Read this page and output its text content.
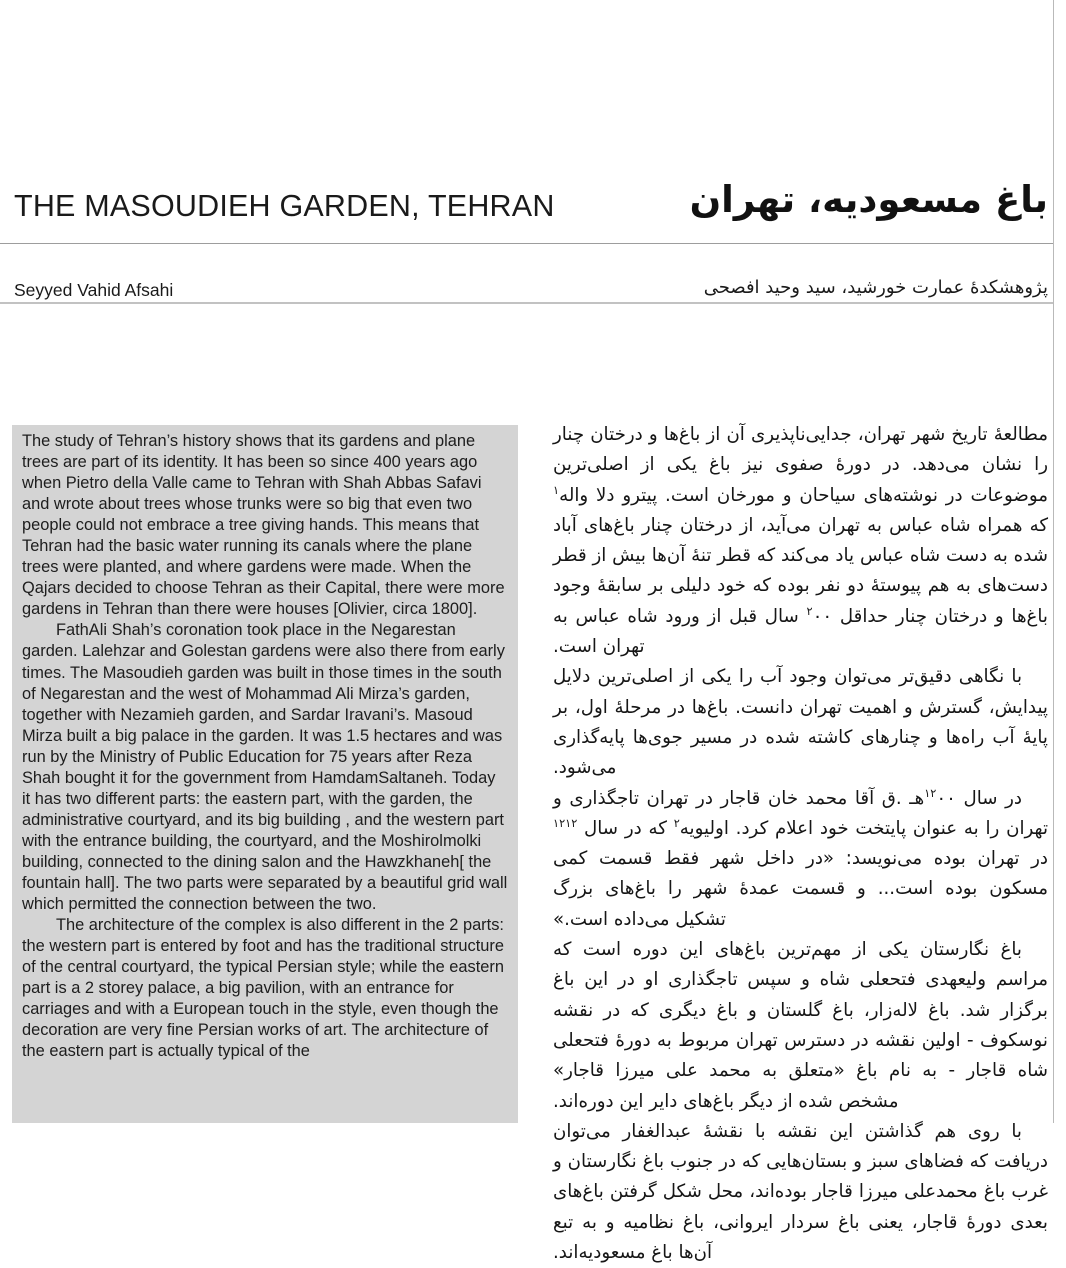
THE MASOUDIEH GARDEN, TEHRAN	باغ مسعودیه، تهران
Seyyed Vahid Afsahi	پژوهشکدهٔ عمارت خورشید، سید وحید افصحی

The study of Tehran’s history shows that its gardens and plane trees are part of its identity. It has been so since 400 years ago when Pietro della Valle came to Tehran with Shah Abbas Safavi and wrote about trees whose trunks were so big that even two people could not embrace a tree giving hands. This means that Tehran had the basic water running its canals where the plane trees were planted, and where gardens were made. When the Qajars decided to choose Tehran as their Capital, there were more gardens in Tehran than there were houses [Olivier, circa 1800].

FathAli Shah’s coronation took place in the Negarestan garden. Lalehzar and Golestan gardens were also there from early times. The Masoudieh garden was built in those times in the south of Negarestan and the west of Mohammad Ali Mirza’s garden, together with Nezamieh garden, and Sardar Iravani’s. Masoud Mirza built a big palace in the garden. It was 1.5 hectares and was run by the Ministry of Public Education for 75 years after Reza Shah bought it for the government from HamdamSaltaneh. Today it has two different parts: the eastern part, with the garden, the administrative courtyard, and its big building , and the western part with the entrance building, the courtyard, and the Moshirolmolki building, connected to the dining salon and the Hawzkhaneh[ the fountain hall]. The two parts were separated by a beautiful grid wall which permitted the connection between the two.

The architecture of the complex is also different in the 2 parts: the western part is entered by foot and has the traditional structure of the central courtyard, the typical Persian style; while the eastern part is a 2 storey palace, a big pavilion, with an entrance for carriages and with a European touch in the style, even though the decoration are very fine Persian works of art. The architecture of the eastern part is actually typical of the

مطالعهٔ تاریخ شهر تهران، جدایی‌ناپذیری آن از باغ‌ها و درختان چنار را نشان می‌دهد. در دورهٔ صفوی نیز باغ یکی از اصلی‌ترین موضوعات در نوشته‌های سیاحان و مورخان است. پیترو دلا واله$^۱$ که همراه شاه عباس به تهران می‌آید، از درختان چنار باغ‌های آباد شده به دست شاه عباس یاد می‌کند که قطر تنهٔ آن‌ها بیش از قطر دست‌های به هم پیوستهٔ دو نفر بوده که خود دلیلی بر سابقهٔ وجود باغ‌ها و درختان چنار حداقل $^۲$۰۰ سال قبل از ورود شاه عباس به تهران است.

با نگاهی دقیق‌تر می‌توان وجود آب را یکی از اصلی‌ترین دلایل پیدایش، گسترش و اهمیت تهران دانست. باغ‌ها در مرحلهٔ اول، بر پایهٔ آب راه‌ها و چنارهای کاشته شده در مسیر جوی‌ها پایه‌گذاری می‌شود.

در سال $^{۱۲}$۰۰هـ .ق آقا محمد خان قاجار در تهران تاجگذاری و تهران را به عنوان پایتخت خود اعلام کرد. اولیویه$^۲$ که در سال $^{۱۲۱۲}$ در تهران بوده می‌نویسد: «در داخل شهر فقط قسمت کمی مسکون بوده است... و قسمت عمدهٔ شهر را باغ‌های بزرگ تشکیل می‌داده است.»

باغ نگارستان یکی از مهم‌ترین باغ‌های این دوره است که مراسم ولیعهدی فتحعلی شاه و سپس تاجگذاری او در این باغ برگزار شد. باغ لاله‌زار، باغ گلستان و باغ دیگری که در نقشه نوسکوف - اولین نقشه در دسترس تهران مربوط به دورهٔ فتحعلی شاه قاجار - به نام باغ «متعلق به محمد علی میرزا قاجار» مشخص شده از دیگر باغ‌های دایر این دوره‌اند.

با روی هم گذاشتن این نقشه با نقشهٔ عبدالغفار می‌توان دریافت که فضاهای سبز و بستان‌هایی که در جنوب باغ نگارستان و غرب باغ محمدعلی میرزا قاجار بوده‌اند، محل شکل گرفتن باغ‌های بعدی دورهٔ قاجار، یعنی باغ سردار ایروانی، باغ نظامیه و به تبع آن‌ها باغ مسعودیه‌اند.
